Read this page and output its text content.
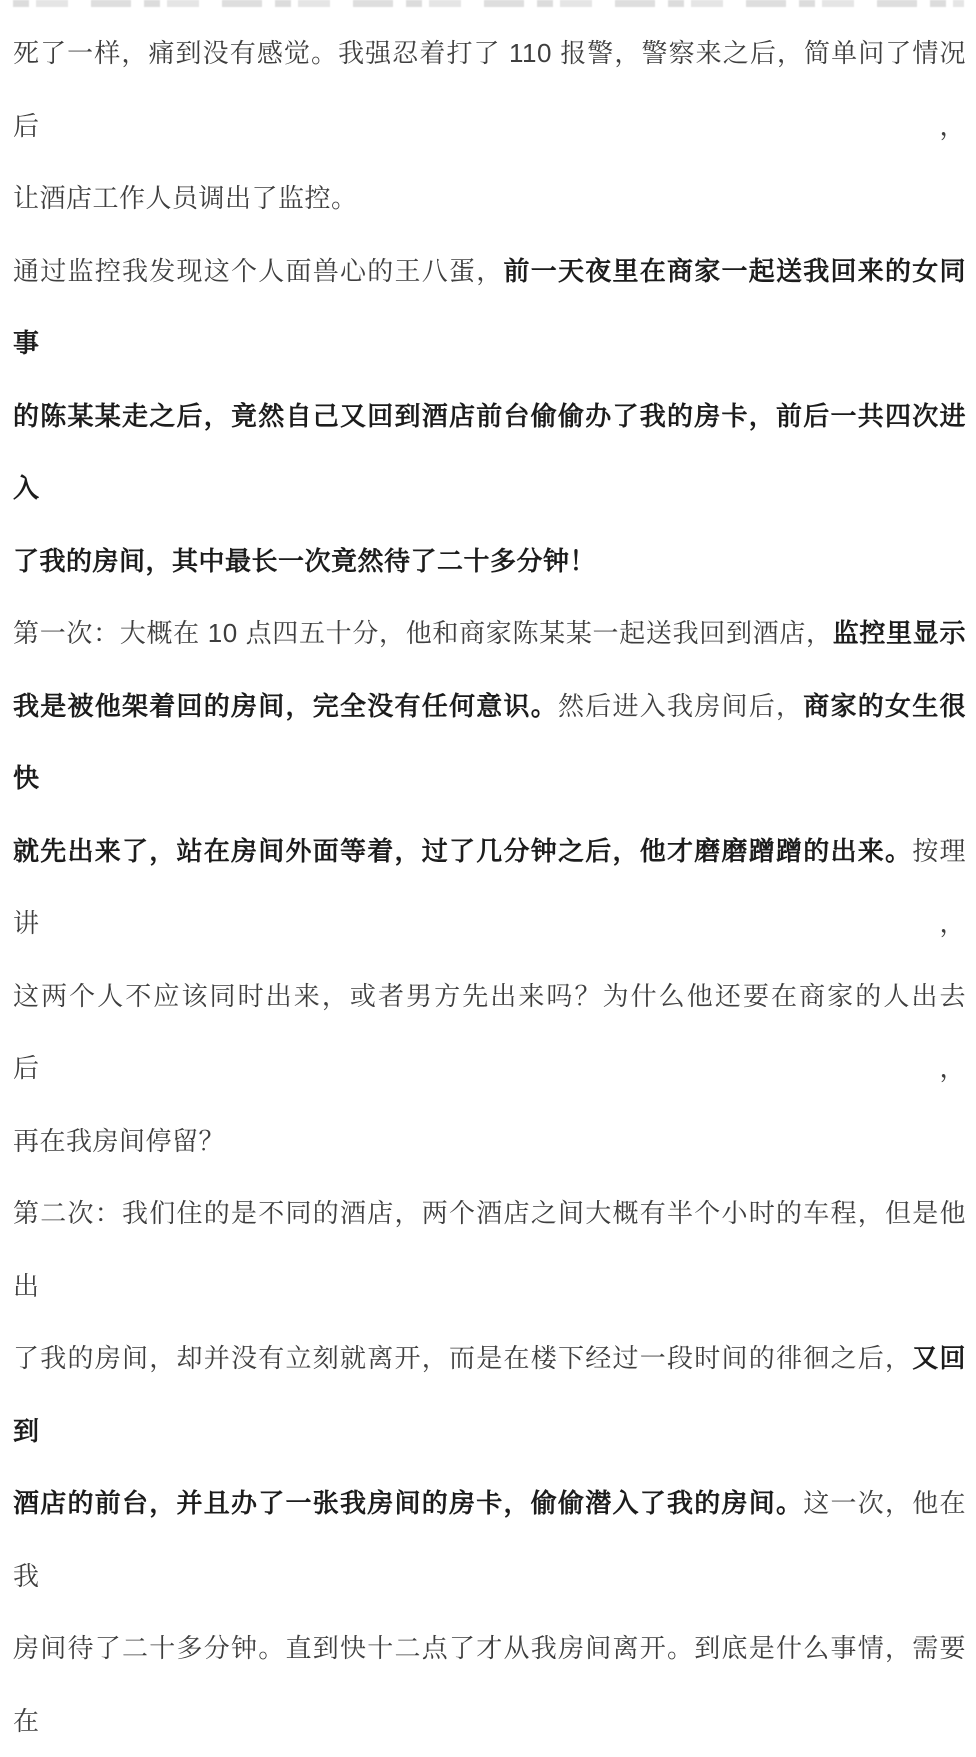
死了一样，痛到没有感觉。我强忍着打了 110 报警，警察来之后，简单问了情况后，
让酒店工作人员调出了监控。
通过监控我发现这个人面兽心的王八蛋，前一天夜里在商家一起送我回来的女同事
的陈某某走之后，竟然自己又回到酒店前台偷偷办了我的房卡，前后一共四次进入
了我的房间，其中最长一次竟然待了二十多分钟！
第一次：大概在 10 点四五十分，他和商家陈某某一起送我回到酒店，监控里显示
我是被他架着回的房间，完全没有任何意识。然后进入我房间后，商家的女生很快
就先出来了，站在房间外面等着，过了几分钟之后，他才磨磨蹭蹭的出来。按理讲，
这两个人不应该同时出来，或者男方先出来吗？为什么他还要在商家的人出去后，
再在我房间停留？
第二次：我们住的是不同的酒店，两个酒店之间大概有半个小时的车程，但是他出
了我的房间，却并没有立刻就离开，而是在楼下经过一段时间的徘徊之后，又回到
酒店的前台，并且办了一张我房间的房卡，偷偷潜入了我的房间。这一次，他在我
房间待了二十多分钟。直到快十二点了才从我房间离开。到底是什么事情，需要在
